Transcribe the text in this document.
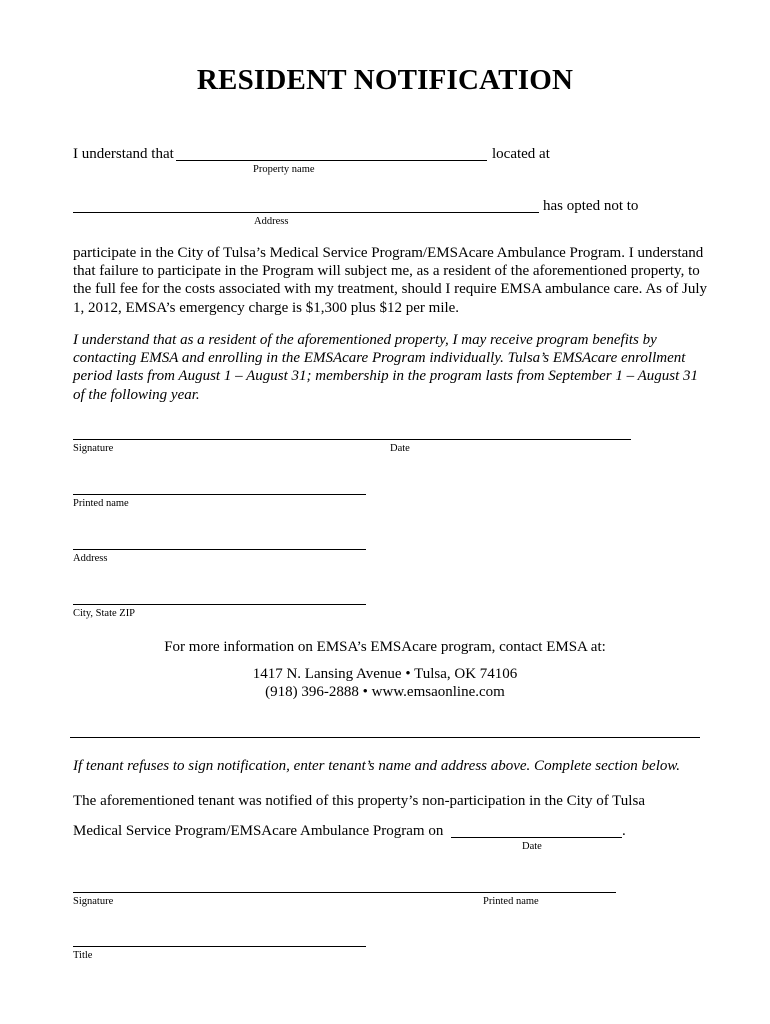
RESIDENT NOTIFICATION
I understand that	located at
Property name
has opted not to
Address
participate in the City of Tulsa’s Medical Service Program/EMSAcare Ambulance Program. I understand that failure to participate in the Program will subject me, as a resident of the aforementioned property, to the full fee for the costs associated with my treatment, should I require EMSA ambulance care. As of July 1, 2012, EMSA’s emergency charge is $1,300 plus $12 per mile.
I understand that as a resident of the aforementioned property, I may receive program benefits by contacting EMSA and enrolling in the EMSAcare Program individually. Tulsa’s EMSAcare enrollment period lasts from August 1 – August 31; membership in the program lasts from September 1 – August 31 of the following year.
Signature	Date
Printed name
Address
City, State ZIP
For more information on EMSA’s EMSAcare program, contact EMSA at:
1417 N. Lansing Avenue • Tulsa, OK 74106
(918) 396-2888 • www.emsaonline.com
If tenant refuses to sign notification, enter tenant’s name and address above. Complete section below.
The aforementioned tenant was notified of this property’s non-participation in the City of Tulsa
Medical Service Program/EMSAcare Ambulance Program on	.
Date
Signature	Printed name
Title
